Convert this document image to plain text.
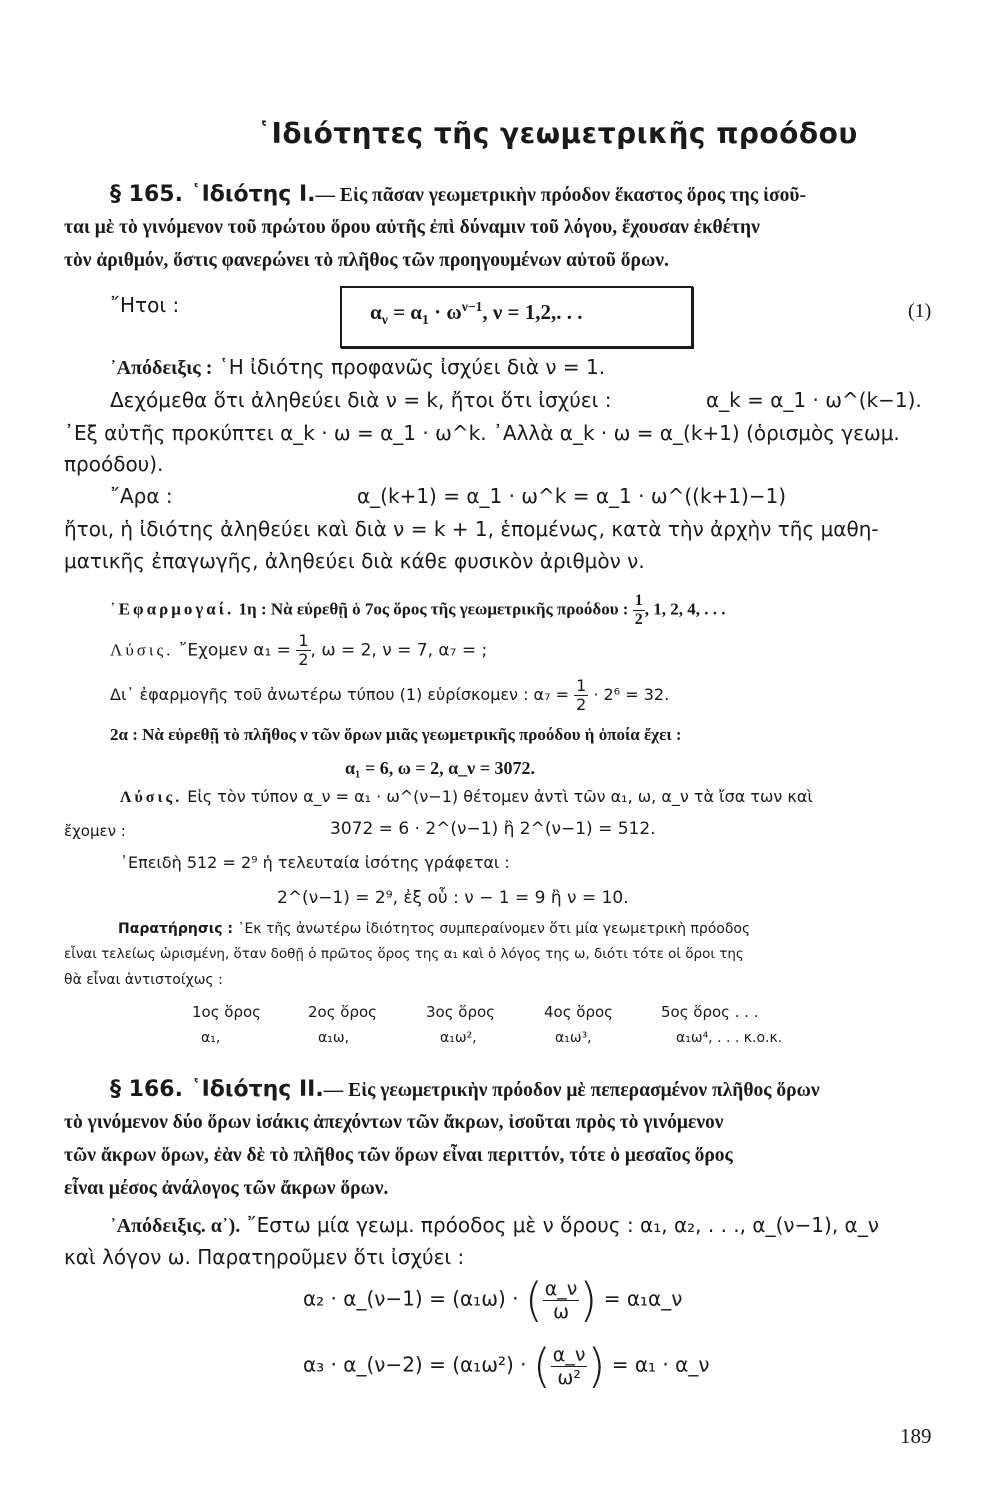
῾Ιδιότητες τῆς γεωμετρικῆς προόδου
§ 165. ῾Ιδιότης Ι.— Εἰς πᾶσαν γεωμετρικὴν πρόοδον ἕκαστος ὅρος της ἰσοῦ-
ται μὲ τὸ γινόμενον τοῦ πρώτου ὅρου αὐτῆς ἐπὶ δύναμιν τοῦ λόγου, ἔχουσαν ἐκθέτην
τὸν ἀριθμόν, ὅστις φανερώνει τὸ πλῆθος τῶν προηγουμένων αὐτοῦ ὅρων.
῎Ητοι :	$\alpha_\nu = \alpha_1 \cdot \omega^{\nu-1}$, ν = 1,2,. . .	(1)
᾿Απόδειξις : ῾Η ἰδιότης προφανῶς ἰσχύει διὰ ν = 1.
Δεχόμεθα ὅτι ἀληθεύει διὰ ν = k, ἤτοι ὅτι ἰσχύει :	α_k = α_1 · ω^(k−1).
᾿Εξ αὐτῆς προκύπτει α_k · ω = α_1 · ω^k. ᾿Αλλὰ α_k · ω = α_(k+1) (ὁρισμὸς γεωμ.
προόδου).
῎Αρα :	α_(k+1) = α_1 · ω^k = α_1 · ω^((k+1)−1)
ἤτοι, ἡ ἰδιότης ἀληθεύει καὶ διὰ ν = k + 1, ἑπομένως, κατὰ τὴν ἀρχὴν τῆς μαθη-
ματικῆς ἐπαγωγῆς, ἀληθεύει διὰ κάθε φυσικὸν ἀριθμὸν ν.
᾿Εφαρμογαί. 1η : Νὰ εὑρεθῇ ὁ 7ος ὅρος τῆς γεωμετρικῆς προόδου : $\frac{1}{2}$ , 1, 2, 4, . . .
Λύσις. ῎Εχομεν $\alpha_1 = \frac{1}{2}$ , ω = 2, ν = 7, α₇ = ;
Δι᾿ ἐφαρμογῆς τοῦ ἀνωτέρω τύπου (1) εὑρίσκομεν : $\alpha_7 = \frac{1}{2} \cdot 2^6 = 32$.
2α : Νὰ εὑρεθῇ τὸ πλῆθος ν τῶν ὅρων μιᾶς γεωμετρικῆς προόδου ἡ ὁποία ἔχει :
α₁ = 6, ω = 2, α_ν = 3072.
Λύσις. Εἰς τὸν τύπον α_ν = α₁ · ω^(ν−1) θέτομεν ἀντὶ τῶν α₁, ω, α_ν τὰ ἴσα των καὶ
ἔχομεν :	3072 = 6 · 2^(ν−1) ἢ 2^(ν−1) = 512.
᾿Επειδὴ 512 = 2⁹ ἡ τελευταία ἰσότης γράφεται :
2^(ν−1) = 2⁹, ἐξ οὗ : ν − 1 = 9 ἢ ν = 10.
Παρατήρησις : ᾿Εκ τῆς ἀνωτέρω ἰδιότητος συμπεραίνομεν ὅτι μία γεωμετρικὴ πρόοδος
εἶναι τελείως ὡρισμένη, ὅταν δοθῇ ὁ πρῶτος ὅρος της α₁ καὶ ὁ λόγος της ω, διότι τότε οἱ ὅροι της
θὰ εἶναι ἀντιστοίχως :
1ος ὅρος	2ος ὅρος	3ος ὅρος	4ος ὅρος	5ος ὅρος . . .
α₁,	α₁ω,	α₁ω²,	α₁ω³,	α₁ω⁴, . . . κ.ο.κ.
§ 166. ῾Ιδιότης ΙΙ.— Εἰς γεωμετρικὴν πρόοδον μὲ πεπερασμένον πλῆθος ὅρων
τὸ γινόμενον δύο ὅρων ἰσάκις ἀπεχόντων τῶν ἄκρων, ἰσοῦται πρὸς τὸ γινόμενον
τῶν ἄκρων ὅρων, ἐὰν δὲ τὸ πλῆθος τῶν ὅρων εἶναι περιττόν, τότε ὁ μεσαῖος ὅρος
εἶναι μέσος ἀνάλογος τῶν ἄκρων ὅρων.
᾿Απόδειξις. α᾿). ῎Εστω μία γεωμ. πρόοδος μὲ ν ὅρους : α₁, α₂, . . ., α_(ν−1), α_ν
καὶ λόγον ω. Παρατηροῦμεν ὅτι ἰσχύει :
α₂ · α_(ν−1) = (α₁ω) · ( $\frac{\alpha\_\nu}{\omega}$ ) = α₁α_ν
α₃ · α_(ν−2) = (α₁ω²) · ( $\frac{\alpha\_\nu}{\text{ω²}}$ ) = α₁ · α_ν
189
